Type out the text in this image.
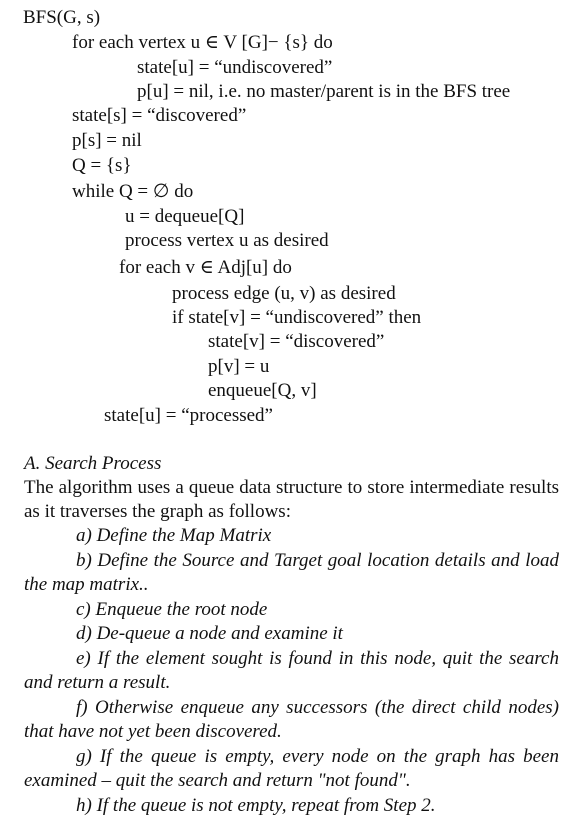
BFS(G, s)
for each vertex u ∈ V [G]− {s} do
state[u] = “undiscovered”
p[u] = nil, i.e. no master/parent is in the BFS tree
state[s] = “discovered”
p[s] = nil
Q = {s}
while Q = ∅ do
u = dequeue[Q]
process vertex u as desired
for each v ∈ Adj[u] do
process edge (u, v) as desired
if state[v] = “undiscovered” then
state[v] = “discovered”
p[v] = u
enqueue[Q, v]
state[u] = “processed”
A. Search Process
The algorithm uses a queue data structure to store intermediate results as it traverses the graph as follows:
a) Define the Map Matrix
b) Define the Source and Target goal location details and load the map matrix..
c) Enqueue the root node
d) De-queue a node and examine it
e) If the element sought is found in this node, quit the search and return a result.
f) Otherwise enqueue any successors (the direct child nodes) that have not yet been discovered.
g) If the queue is empty, every node on the graph has been examined – quit the search and return "not found".
h) If the queue is not empty, repeat from Step 2.
